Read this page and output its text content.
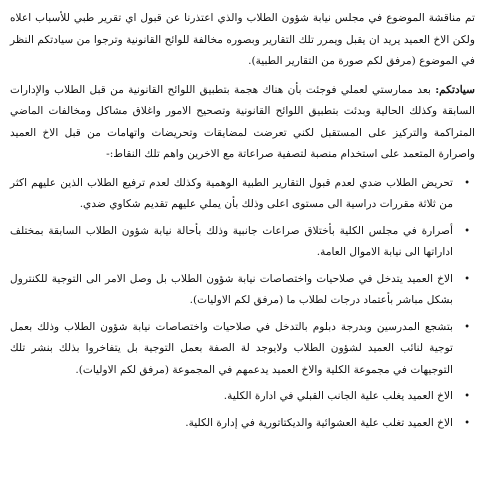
تم مناقشة الموضوع في مجلس نيابة شؤون الطلاب والذي اعتذرنا عن قبول اي تقرير طبي للأسباب اعلاه ولكن الاخ العميد يريد ان يقبل ويمرر تلك التقارير وبصوره مخالفة للوائح القانونية وترجوا من سيادتكم النظر في الموضوع (مرفق لكم صورة من التقارير الطبية).

سيادتكم: بعد ممارستي لعملي فوجئت بأن هناك هجمة بتطبيق اللوائح القانونية من قبل الطلاب والإدارات السابقة وكذلك الحالية وبدئت بتطبيق اللوائح القانونية وتصحيح الامور واغلاق مشاكل ومخالفات الماضي المتراكمة والتركيز على المستقبل لكني تعرضت لمضايقات وتحريضات واتهامات من قبل الاخ العميد واصرارة المتعمد على استخدام منصبة لتصفية صراعاتة مع الاخرين واهم تلك النقاط:-

•
تحريض الطلاب ضدي لعدم قبول التقارير الطبية الوهمية وكذلك لعدم ترفيع الطلاب الذين عليهم اكثر من ثلاثة مقررات دراسية الى مستوى اعلى وذلك بأن يملي عليهم تقديم شكاوي ضدي.
•
أصرارة في مجلس الكلية بأختلاق صراعات جانبية وذلك بأحالة نيابة شؤون الطلاب السابقة بمختلف اداراتها الى نيابة الاموال العامة.
•
الاخ العميد يتدخل في صلاحيات واختصاصات نيابة شؤون الطلاب بل وصل الامر الى التوجية للكنترول بشكل مباشر بأعتماد درجات لطلاب ما (مرفق لكم الاوليات).
•
بتشجع المدرسين وبدرجة دبلوم بالتدخل في صلاحيات واختصاصات نيابة شؤون الطلاب وذلك بعمل توجية لنائب العميد لشؤون الطلاب ولايوجد لة الصفة بعمل التوجية بل يتفاخروا بذلك بنشر تلك التوجيهات في مجموعة الكلية والاخ العميد يدعمهم في المجموعة (مرفق لكم الاوليات).
•
الاخ العميد يغلب علية الجانب القبلي في ادارة الكلية.
•
الاخ العميد تغلب علية العشوائية والديكتاتورية في إدارة الكلية.
